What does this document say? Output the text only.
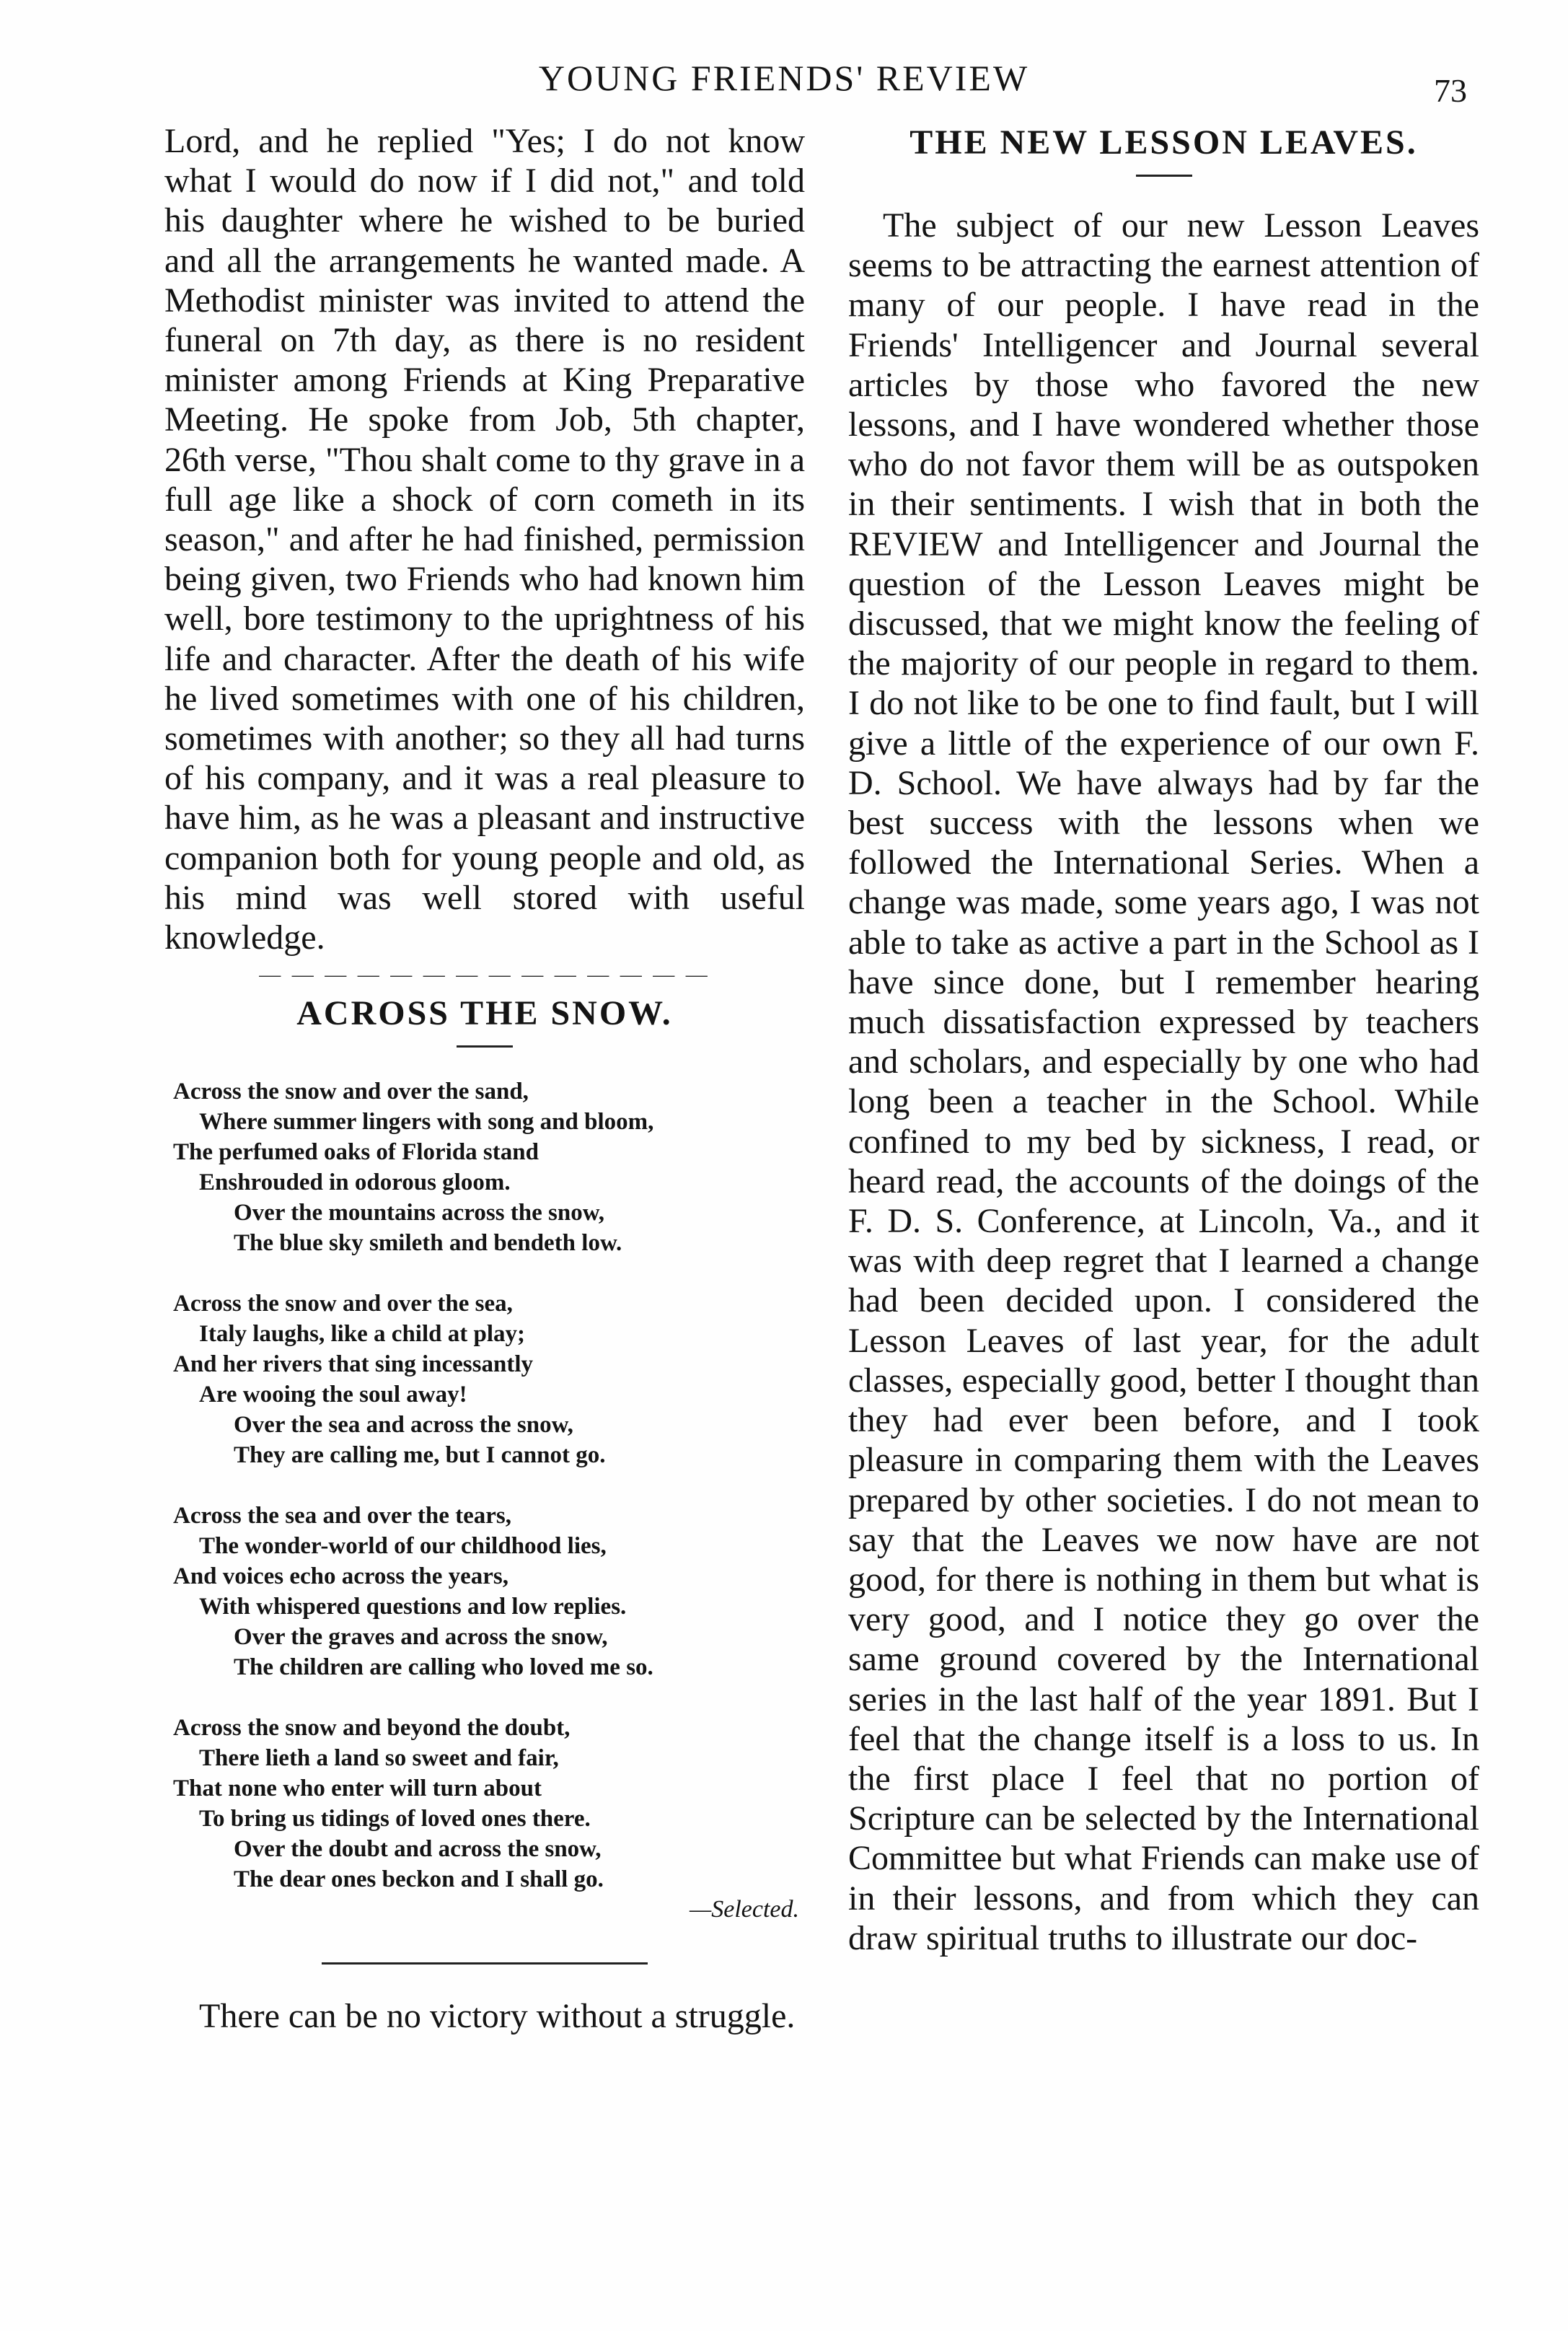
YOUNG FRIENDS' REVIEW	73

Lord, and he replied "Yes; I do not know what I would do now if I did not," and told his daughter where he wished to be buried and all the arrangements he wanted made. A Methodist minister was invited to attend the funeral on 7th day, as there is no resident minister among Friends at King Preparative Meeting. He spoke from Job, 5th chapter, 26th verse, "Thou shalt come to thy grave in a full age like a shock of corn cometh in its season," and after he had finished, permission being given, two Friends who had known him well, bore testimony to the uprightness of his life and character. After the death of his wife he lived sometimes with one of his children, sometimes with another; so they all had turns of his company, and it was a real pleasure to have him, as he was a pleasant and instructive companion both for young people and old, as his mind was well stored with useful knowledge.

— — — — — — — — — — — — — —
ACROSS THE SNOW.
Across the snow and over the sand,
Where summer lingers with song and bloom,
The perfumed oaks of Florida stand
Enshrouded in odorous gloom.
Over the mountains across the snow,
The blue sky smileth and bendeth low.
Across the snow and over the sea,
Italy laughs, like a child at play;
And her rivers that sing incessantly
Are wooing the soul away!
Over the sea and across the snow,
They are calling me, but I cannot go.
Across the sea and over the tears,
The wonder-world of our childhood lies,
And voices echo across the years,
With whispered questions and low replies.
Over the graves and across the snow,
The children are calling who loved me so.
Across the snow and beyond the doubt,
There lieth a land so sweet and fair,
That none who enter will turn about
To bring us tidings of loved ones there.
Over the doubt and across the snow,
The dear ones beckon and I shall go.
—Selected.

There can be no victory without a struggle.

THE NEW LESSON LEAVES.

The subject of our new Lesson Leaves seems to be attracting the earnest attention of many of our people. I have read in the Friends' Intelligencer and Journal several articles by those who favored the new lessons, and I have wondered whether those who do not favor them will be as outspoken in their sentiments. I wish that in both the REVIEW and Intelligencer and Journal the question of the Lesson Leaves might be discussed, that we might know the feeling of the majority of our people in regard to them. I do not like to be one to find fault, but I will give a little of the experience of our own F. D. School. We have always had by far the best success with the lessons when we followed the International Series. When a change was made, some years ago, I was not able to take as active a part in the School as I have since done, but I remember hearing much dissatisfaction expressed by teachers and scholars, and especially by one who had long been a teacher in the School. While confined to my bed by sickness, I read, or heard read, the accounts of the doings of the F. D. S. Conference, at Lincoln, Va., and it was with deep regret that I learned a change had been decided upon. I considered the Lesson Leaves of last year, for the adult classes, especially good, better I thought than they had ever been before, and I took pleasure in comparing them with the Leaves prepared by other societies. I do not mean to say that the Leaves we now have are not good, for there is nothing in them but what is very good, and I notice they go over the same ground covered by the International series in the last half of the year 1891. But I feel that the change itself is a loss to us. In the first place I feel that no portion of Scripture can be selected by the International Committee but what Friends can make use of in their lessons, and from which they can draw spiritual truths to illustrate our doc-
